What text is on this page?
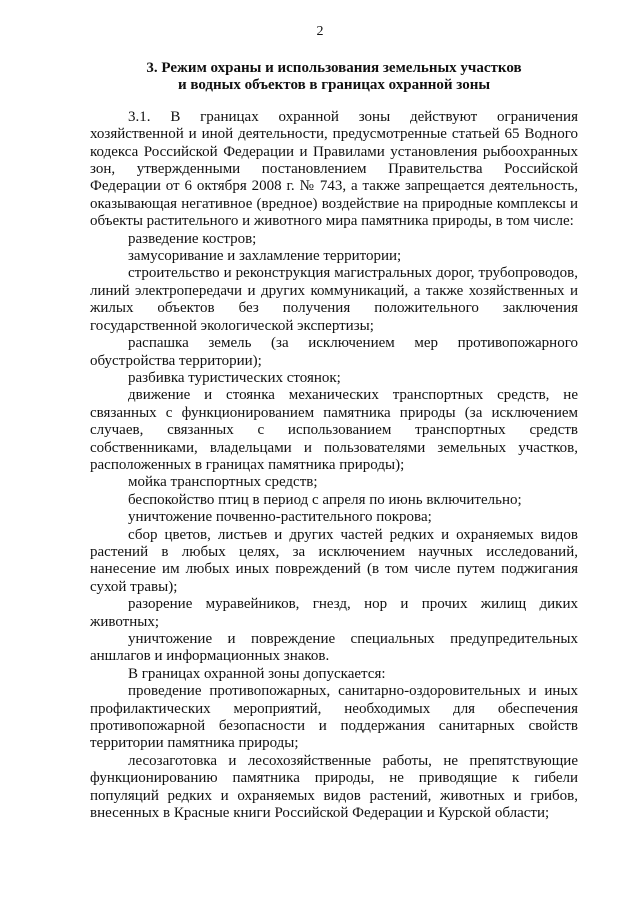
2
3. Режим охраны и использования земельных участков
и водных объектов в границах охранной зоны

3.1. В границах охранной зоны действуют ограничения хозяйственной и иной деятельности, предусмотренные статьей 65 Водного кодекса Российской Федерации и Правилами установления рыбоохранных зон, утвержденными постановлением Правительства Российской Федерации от 6 октября 2008 г. № 743, а также запрещается деятельность, оказывающая негативное (вредное) воздействие на природные комплексы и объекты растительного и животного мира памятника природы, в том числе:

разведение костров;

замусоривание и захламление территории;

строительство и реконструкция магистральных дорог, трубопроводов, линий электропередачи и других коммуникаций, а также хозяйственных и жилых объектов без получения положительного заключения государственной экологической экспертизы;

распашка земель (за исключением мер противопожарного обустройства территории);

разбивка туристических стоянок;

движение и стоянка механических транспортных средств, не связанных с функционированием памятника природы (за исключением случаев, связанных с использованием транспортных средств собственниками, владельцами и пользователями земельных участков, расположенных в границах памятника природы);

мойка транспортных средств;

беспокойство птиц в период с апреля по июнь включительно;

уничтожение почвенно-растительного покрова;

сбор цветов, листьев и других частей редких и охраняемых видов растений в любых целях, за исключением научных исследований, нанесение им любых иных повреждений (в том числе путем поджигания сухой травы);

разорение муравейников, гнезд, нор и прочих жилищ диких животных;

уничтожение и повреждение специальных предупредительных аншлагов и информационных знаков.

В границах охранной зоны допускается:

проведение противопожарных, санитарно-оздоровительных и иных профилактических мероприятий, необходимых для обеспечения противопожарной безопасности и поддержания санитарных свойств территории памятника природы;

лесозаготовка и лесохозяйственные работы, не препятствующие функционированию памятника природы, не приводящие к гибели популяций редких и охраняемых видов растений, животных и грибов, внесенных в Красные книги Российской Федерации и Курской области;
